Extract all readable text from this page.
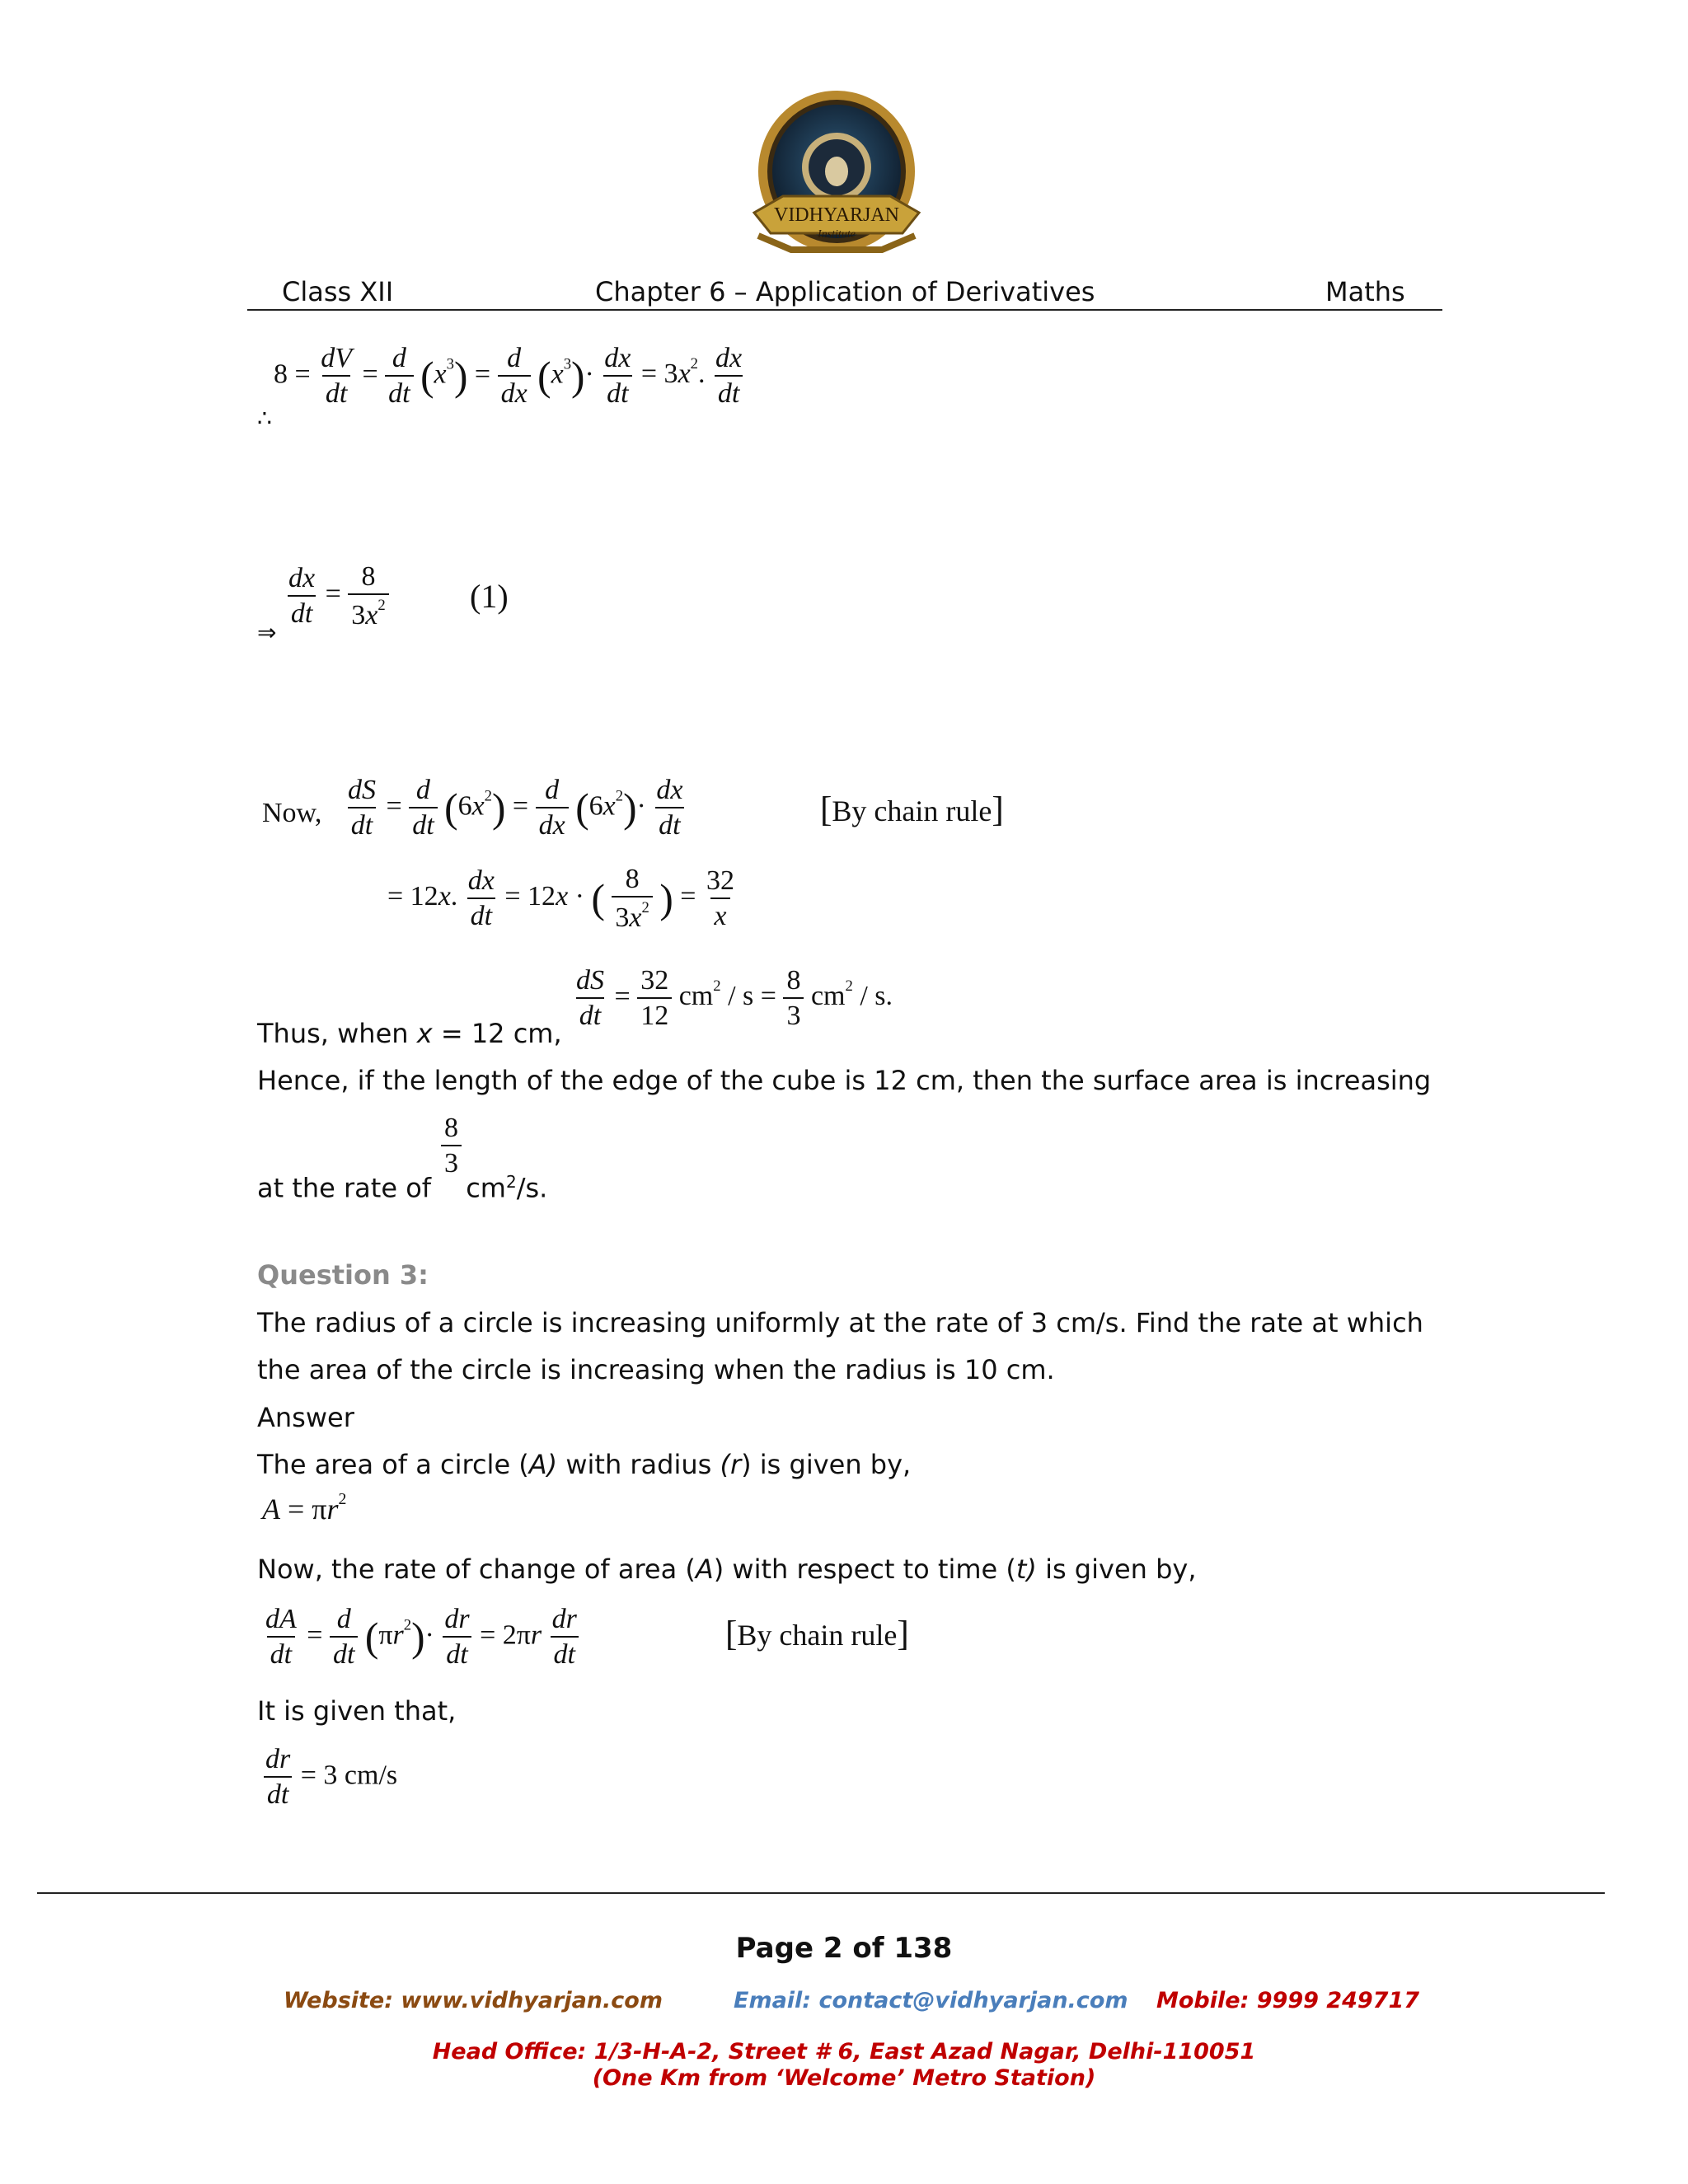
VIDHYARJAN
Institute
Class XII	Chapter 6 – Application of Derivatives	Maths
$8 = \frac{dV}{dt} = \frac{d}{dt} (x^3) = \frac{d}{dx} (x^3)\cdot \frac{dx}{dt} = 3x^2$. $\frac{dx}{dt}$
∴
⇒
$\frac{dx}{dt} = \frac{8}{3x^2} (1)$
Now, $\frac{dS}{dt} = \frac{d}{dt} (6x^2) = \frac{d}{dx} (6x^2)\cdot \frac{dx}{dt}$	[By chain rule]
= 12x. $\frac{dx}{dt} = 12x$ · ( $\frac{8}{3x^2}$ ) = $\frac{32}{x}$
$\frac{dS}{dt} = \frac{32}{12} cm^2 / s = \frac{8}{3} cm^2 / s$.
Thus, when x = 12 cm,
Hence, if the length of the edge of the cube is 12 cm, then the surface area is increasing
$\frac{8}{3}$
at the rate of $cm^2/s$.
Question 3:
The radius of a circle is increasing uniformly at the rate of 3 cm/s. Find the rate at which
the area of the circle is increasing when the radius is 10 cm.
Answer
The area of a circle (A) with radius (r) is given by,
$A = \pi r^2$
Now, the rate of change of area (A) with respect to time (t) is given by,
$\frac{dA}{dt} = \frac{d}{dt} (\pi r^2)\cdot \frac{dr}{dt} = 2\pi r \frac{dr}{dt}$	[By chain rule]
It is given that,
$\frac{dr}{dt} = 3$ cm/s
Page 2 of 138
Website: www.vidhyarjan.com	Email: contact@vidhyarjan.com Mobile: 9999 249717
Head Office: 1/3-H-A-2, Street # 6, East Azad Nagar, Delhi-110051
(One Km from ‘Welcome’ Metro Station)
